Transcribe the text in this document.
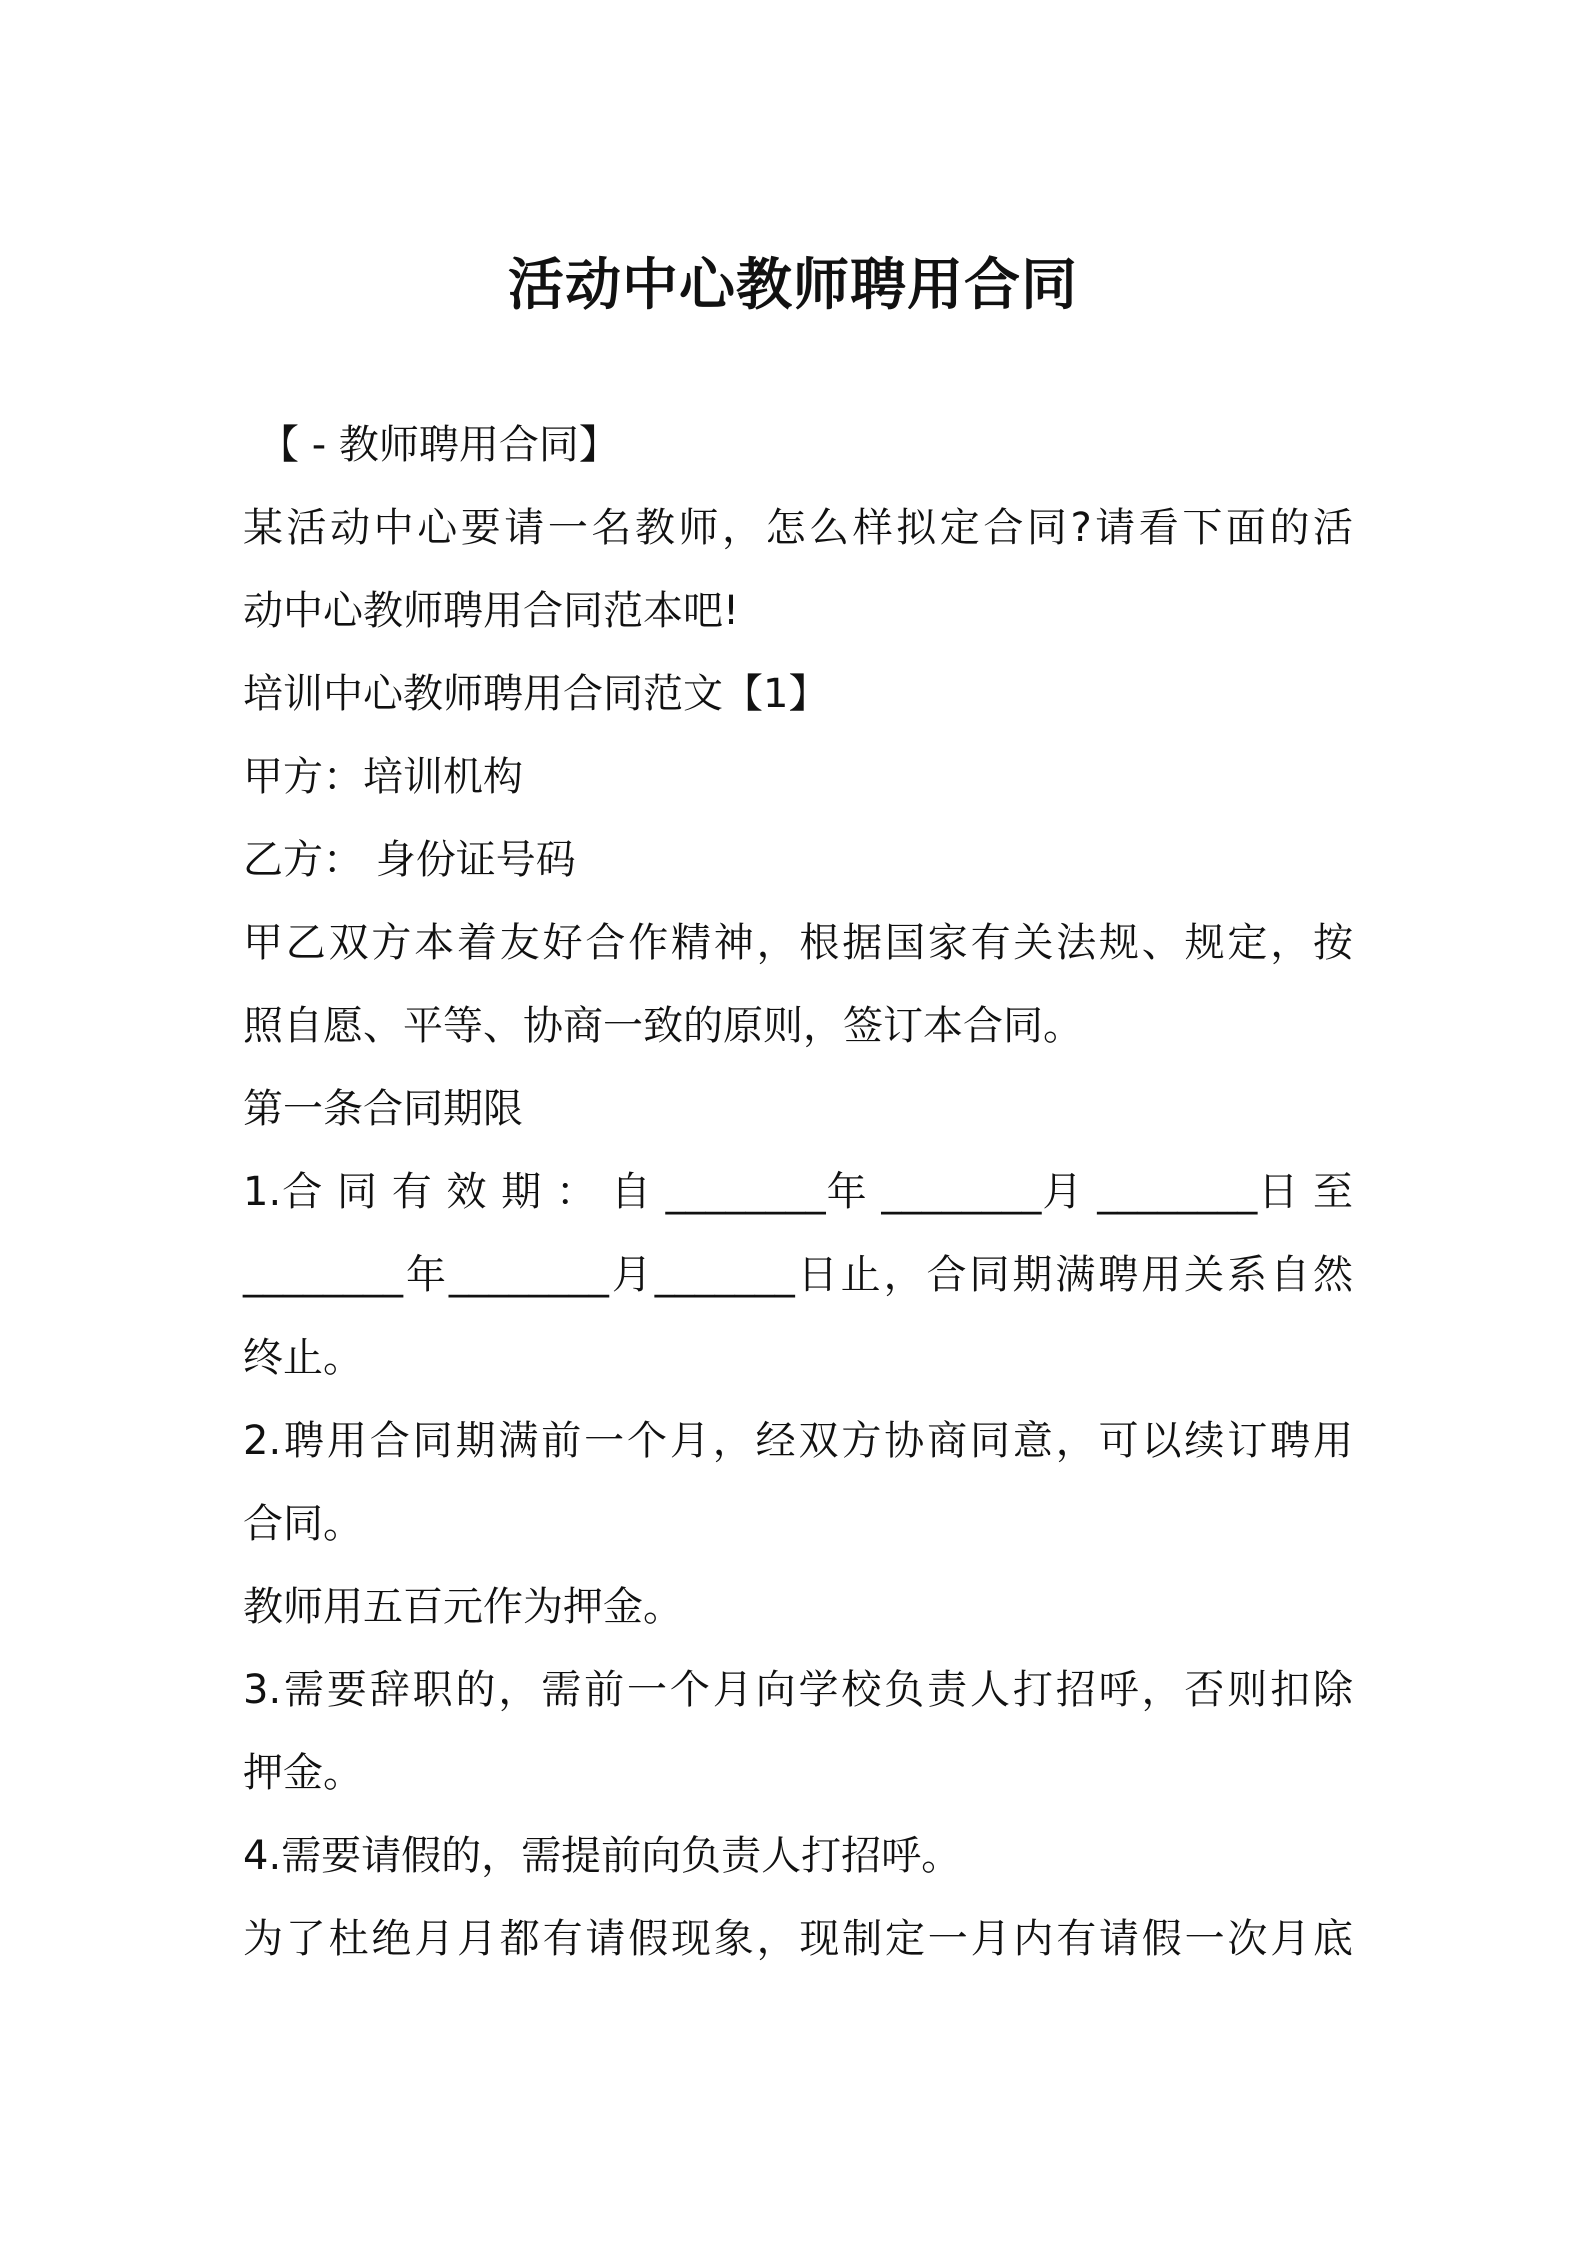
活动中心教师聘用合同

【 - 教师聘用合同】

某活动中心要请一名教师，怎么样拟定合同?请看下面的活

动中心教师聘用合同范本吧!

培训中心教师聘用合同范文【1】

甲方：培训机构

乙方： 身份证号码

甲乙双方本着友好合作精神，根据国家有关法规、规定，按

照自愿、平等、协商一致的原则，签订本合同。

第一条合同期限

1.合 同 有 效 期 ： 自 ________年 ________月 ________日 至

________年________月_______日止，合同期满聘用关系自然

终止。

2.聘用合同期满前一个月，经双方协商同意，可以续订聘用

合同。

教师用五百元作为押金。

3.需要辞职的，需前一个月向学校负责人打招呼，否则扣除

押金。

4.需要请假的，需提前向负责人打招呼。

为了杜绝月月都有请假现象，现制定一月内有请假一次月底
